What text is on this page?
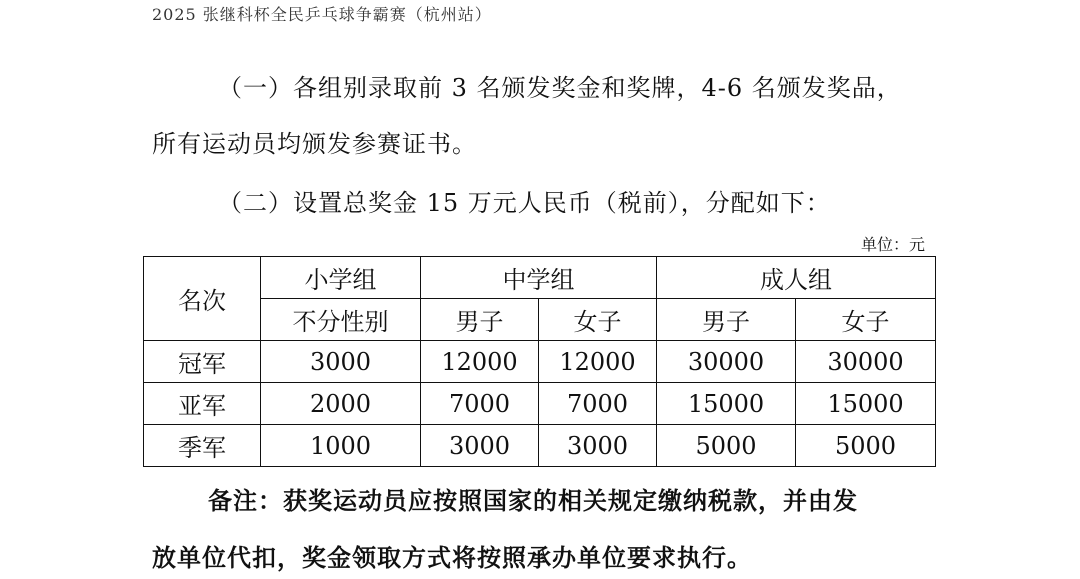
2025 张继科杯全民乒乓球争霸赛（杭州站）
（一）各组别录取前 3 名颁发奖金和奖牌，4-6 名颁发奖品，
所有运动员均颁发参赛证书。
（二）设置总奖金 15 万元人民币（税前），分配如下：
单位：元
名次	小学组	中学组		成人组	
	不分性别	男子	女子	男子	女子
冠军	3000	12000	12000	30000	30000
亚军	2000	7000	7000	15000	15000
季军	1000	3000	3000	5000	5000
备注：获奖运动员应按照国家的相关规定缴纳税款，并由发
放单位代扣，奖金领取方式将按照承办单位要求执行。
